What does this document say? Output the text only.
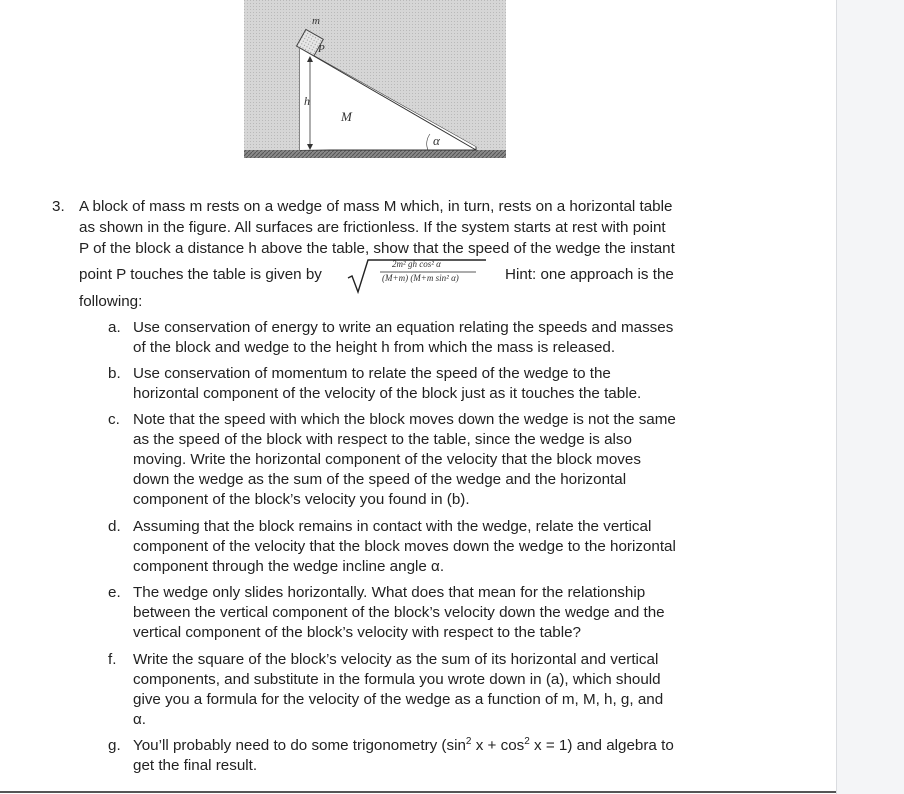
m
P
h
M
α
3. A block of mass m rests on a wedge of mass M which, in turn, rests on a horizontal table
as shown in the figure. All surfaces are frictionless. If the system starts at rest with point
P of the block a distance h above the table, show that the speed of the wedge the instant
point P touches the table is given by
2m² gh cos² α
(M+m) (M+m sin² α)	Hint: one approach is the
following:
a. Use conservation of energy to write an equation relating the speeds and masses
of the block and wedge to the height h from which the mass is released.
b. Use conservation of momentum to relate the speed of the wedge to the
horizontal component of the velocity of the block just as it touches the table.
c. Note that the speed with which the block moves down the wedge is not the same
as the speed of the block with respect to the table, since the wedge is also
moving. Write the horizontal component of the velocity that the block moves
down the wedge as the sum of the speed of the wedge and the horizontal
component of the block’s velocity you found in (b).
d. Assuming that the block remains in contact with the wedge, relate the vertical
component of the velocity that the block moves down the wedge to the horizontal
component through the wedge incline angle α.
e. The wedge only slides horizontally. What does that mean for the relationship
between the vertical component of the block’s velocity down the wedge and the
vertical component of the block’s velocity with respect to the table?
f. Write the square of the block’s velocity as the sum of its horizontal and vertical
components, and substitute in the formula you wrote down in (a), which should
give you a formula for the velocity of the wedge as a function of m, M, h, g, and
α.
g. You’ll probably need to do some trigonometry ($\sin^2$ $x + \cos^2 x = 1$) and algebra to
get the final result.
